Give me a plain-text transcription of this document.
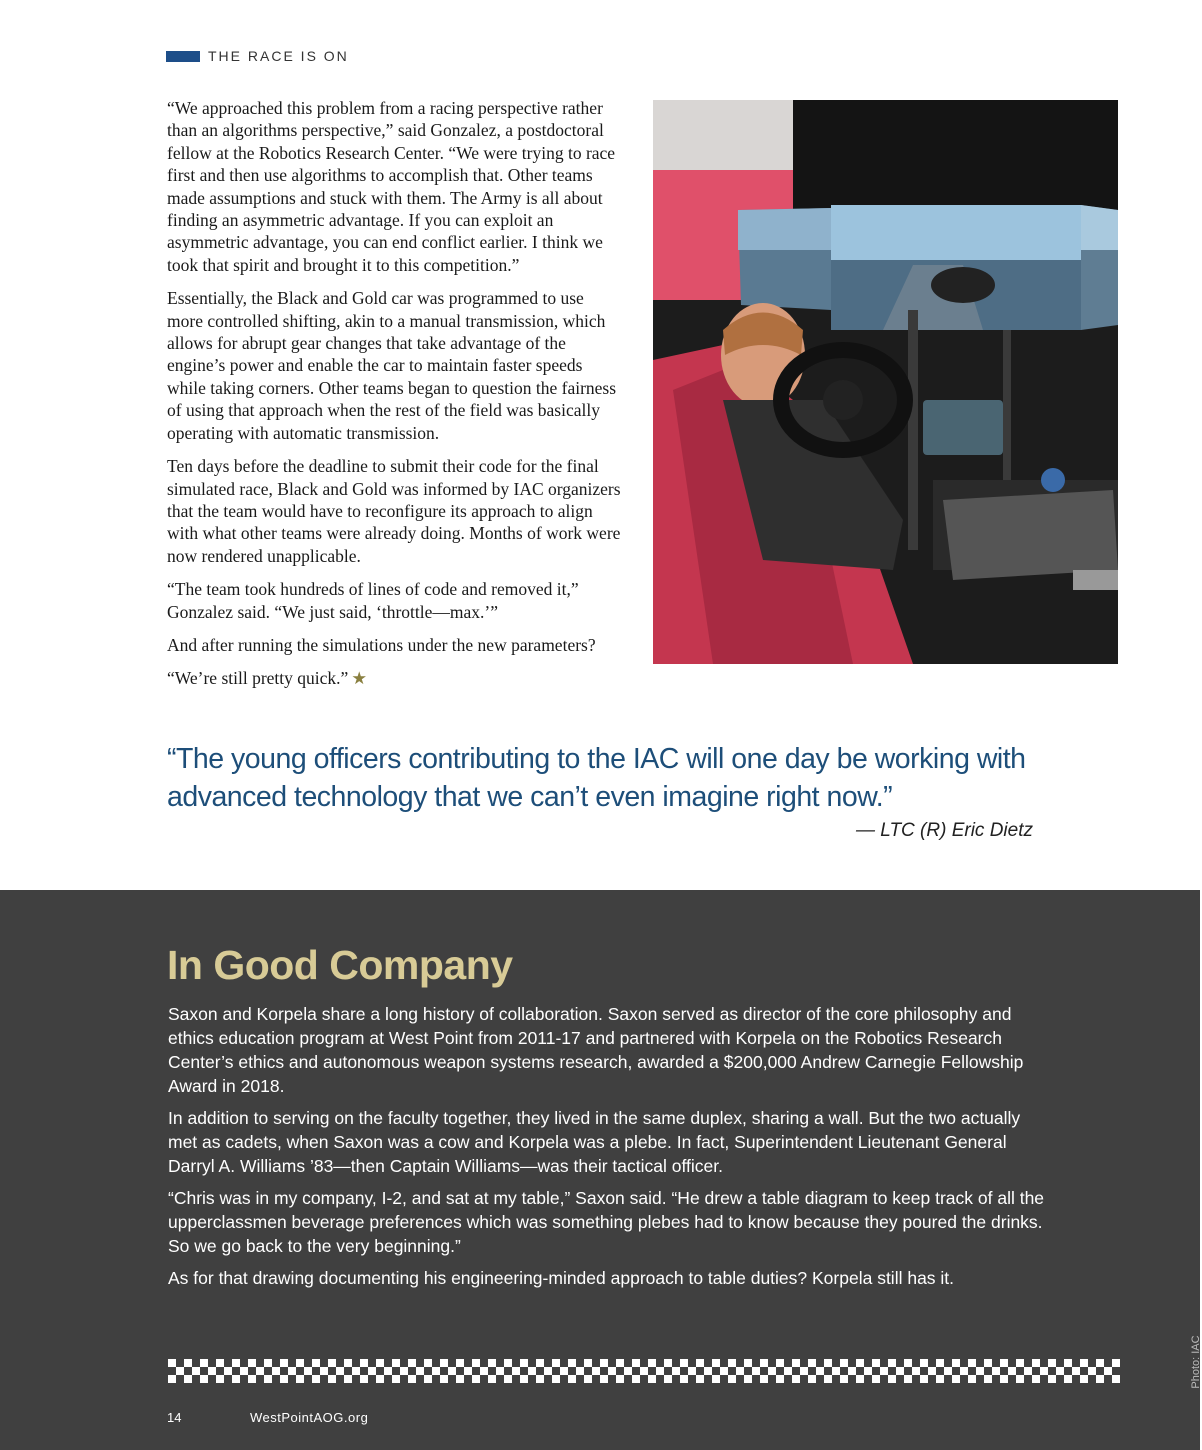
THE RACE IS ON

“We approached this problem from a racing perspective rather than an algorithms perspective,” said Gonzalez, a postdoctoral fellow at the Robotics Research Center. “We were trying to race first and then use algorithms to accomplish that. Other teams made assumptions and stuck with them. The Army is all about finding an asymmetric advantage. If you can exploit an asymmetric advantage, you can end conflict earlier. I think we took that spirit and brought it to this competition.”

Essentially, the Black and Gold car was programmed to use more controlled shifting, akin to a manual transmission, which allows for abrupt gear changes that take advantage of the engine’s power and enable the car to maintain faster speeds while taking corners. Other teams began to question the fairness of using that approach when the rest of the field was basically operating with automatic transmission.

Ten days before the deadline to submit their code for the final simulated race, Black and Gold was informed by IAC organizers that the team would have to reconfigure its approach to align with what other teams were already doing. Months of work were now rendered unapplicable.

“The team took hundreds of lines of code and removed it,” Gonzalez said. “We just said, ‘throttle—max.’”

And after running the simulations under the new parameters?

“We’re still pretty quick.” ★

“The young officers contributing to the IAC will one day be working with advanced technology that we can’t even imagine right now.”
— LTC (R) Eric Dietz
In Good Company

Saxon and Korpela share a long history of collaboration. Saxon served as director of the core philosophy and ethics education program at West Point from 2011-17 and partnered with Korpela on the Robotics Research Center’s ethics and autonomous weapon systems research, awarded a $200,000 Andrew Carnegie Fellowship Award in 2018.

In addition to serving on the faculty together, they lived in the same duplex, sharing a wall. But the two actually met as cadets, when Saxon was a cow and Korpela was a plebe. In fact, Superintendent Lieutenant General Darryl A. Williams ’83—then Captain Williams—was their tactical officer.

“Chris was in my company, I-2, and sat at my table,” Saxon said. “He drew a table diagram to keep track of all the upperclassmen beverage preferences which was something plebes had to know because they poured the drinks. So we go back to the very beginning.”

As for that drawing documenting his engineering-minded approach to table duties? Korpela still has it.

Photo: IAC
14	WestPointAOG.org
